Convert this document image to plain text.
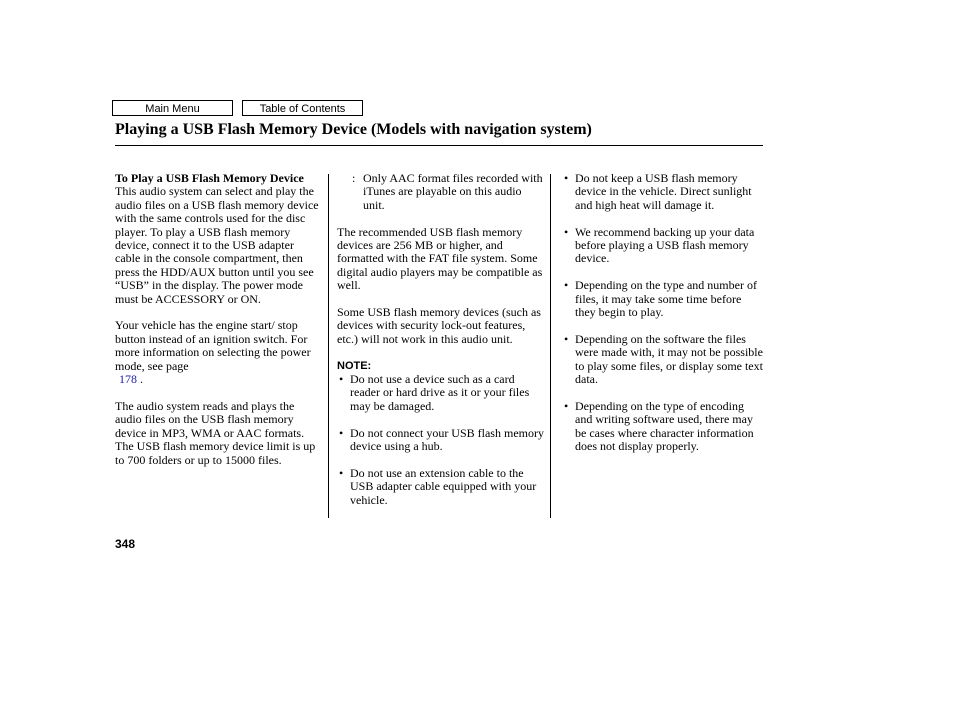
Main Menu	Table of Contents
Playing a USB Flash Memory Device (Models with navigation system)
To Play a USB Flash Memory Device

This audio system can select and play the audio files on a USB flash memory device with the same controls used for the disc player. To play a USB flash memory device, connect it to the USB adapter cable in the console compartment, then press the HDD/AUX button until you see “USB” in the display. The power mode must be ACCESSORY or ON.

Your vehicle has the engine start/ stop button instead of an ignition switch. For more information on selecting the power mode, see page
178 .

The audio system reads and plays the audio files on the USB flash memory device in MP3, WMA or AAC formats. The USB flash memory device limit is up to 700 folders or up to 15000 files.

: Only AAC format files recorded with iTunes are playable on this audio unit.

The recommended USB flash memory devices are 256 MB or higher, and formatted with the FAT file system. Some digital audio players may be compatible as well.

Some USB flash memory devices (such as devices with security lock-out features, etc.) will not work in this audio unit.

NOTE:
• Do not use a device such as a card reader or hard drive as it or your files may be damaged.
• Do not connect your USB flash memory device using a hub.
• Do not use an extension cable to the USB adapter cable equipped with your vehicle.
• Do not keep a USB flash memory device in the vehicle. Direct sunlight and high heat will damage it.
• We recommend backing up your data before playing a USB flash memory device.
• Depending on the type and number of files, it may take some time before they begin to play.
• Depending on the software the files were made with, it may not be possible to play some files, or display some text data.
• Depending on the type of encoding and writing software used, there may be cases where character information does not display properly.
348
